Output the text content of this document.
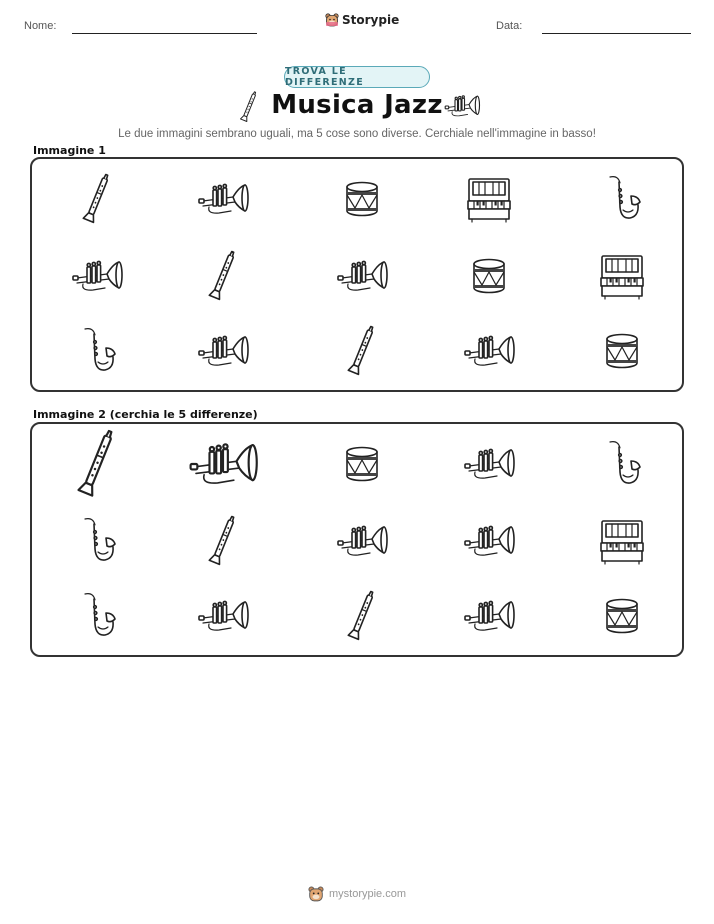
Nome:	Storypie	Data:
TROVA LE DIFFERENZE
Musica Jazz
Le due immagini sembrano uguali, ma 5 cose sono diverse. Cerchiale nell'immagine in basso!
Immagine 1
Immagine 2 (cerchia le 5 differenze)
mystorypie.com
